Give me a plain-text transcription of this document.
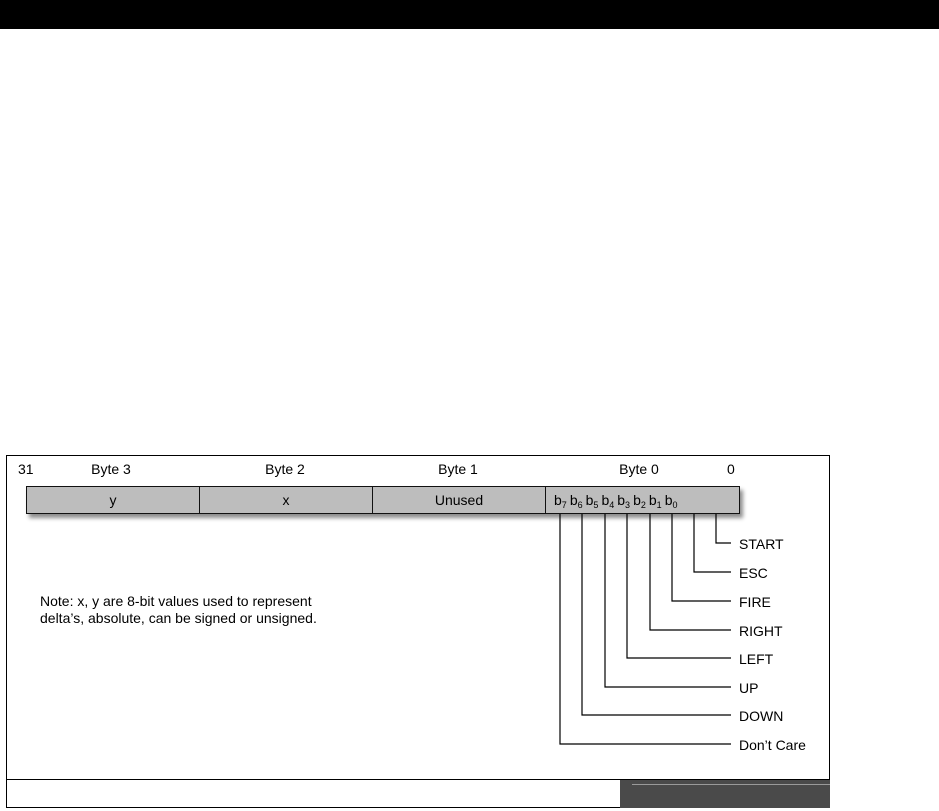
31	Byte 3	Byte 2	Byte 1	Byte 0	0
y	x	Unused	$b_7$ $b_6$ $b_5$ $b_4$ $b_3$ $b_2$ $b_1$ $b_0$
START
ESC
FIRE
RIGHT
LEFT
UP
DOWN
Don’t Care
Note: x, y are 8-bit values used to represent
delta’s, absolute, can be signed or unsigned.
